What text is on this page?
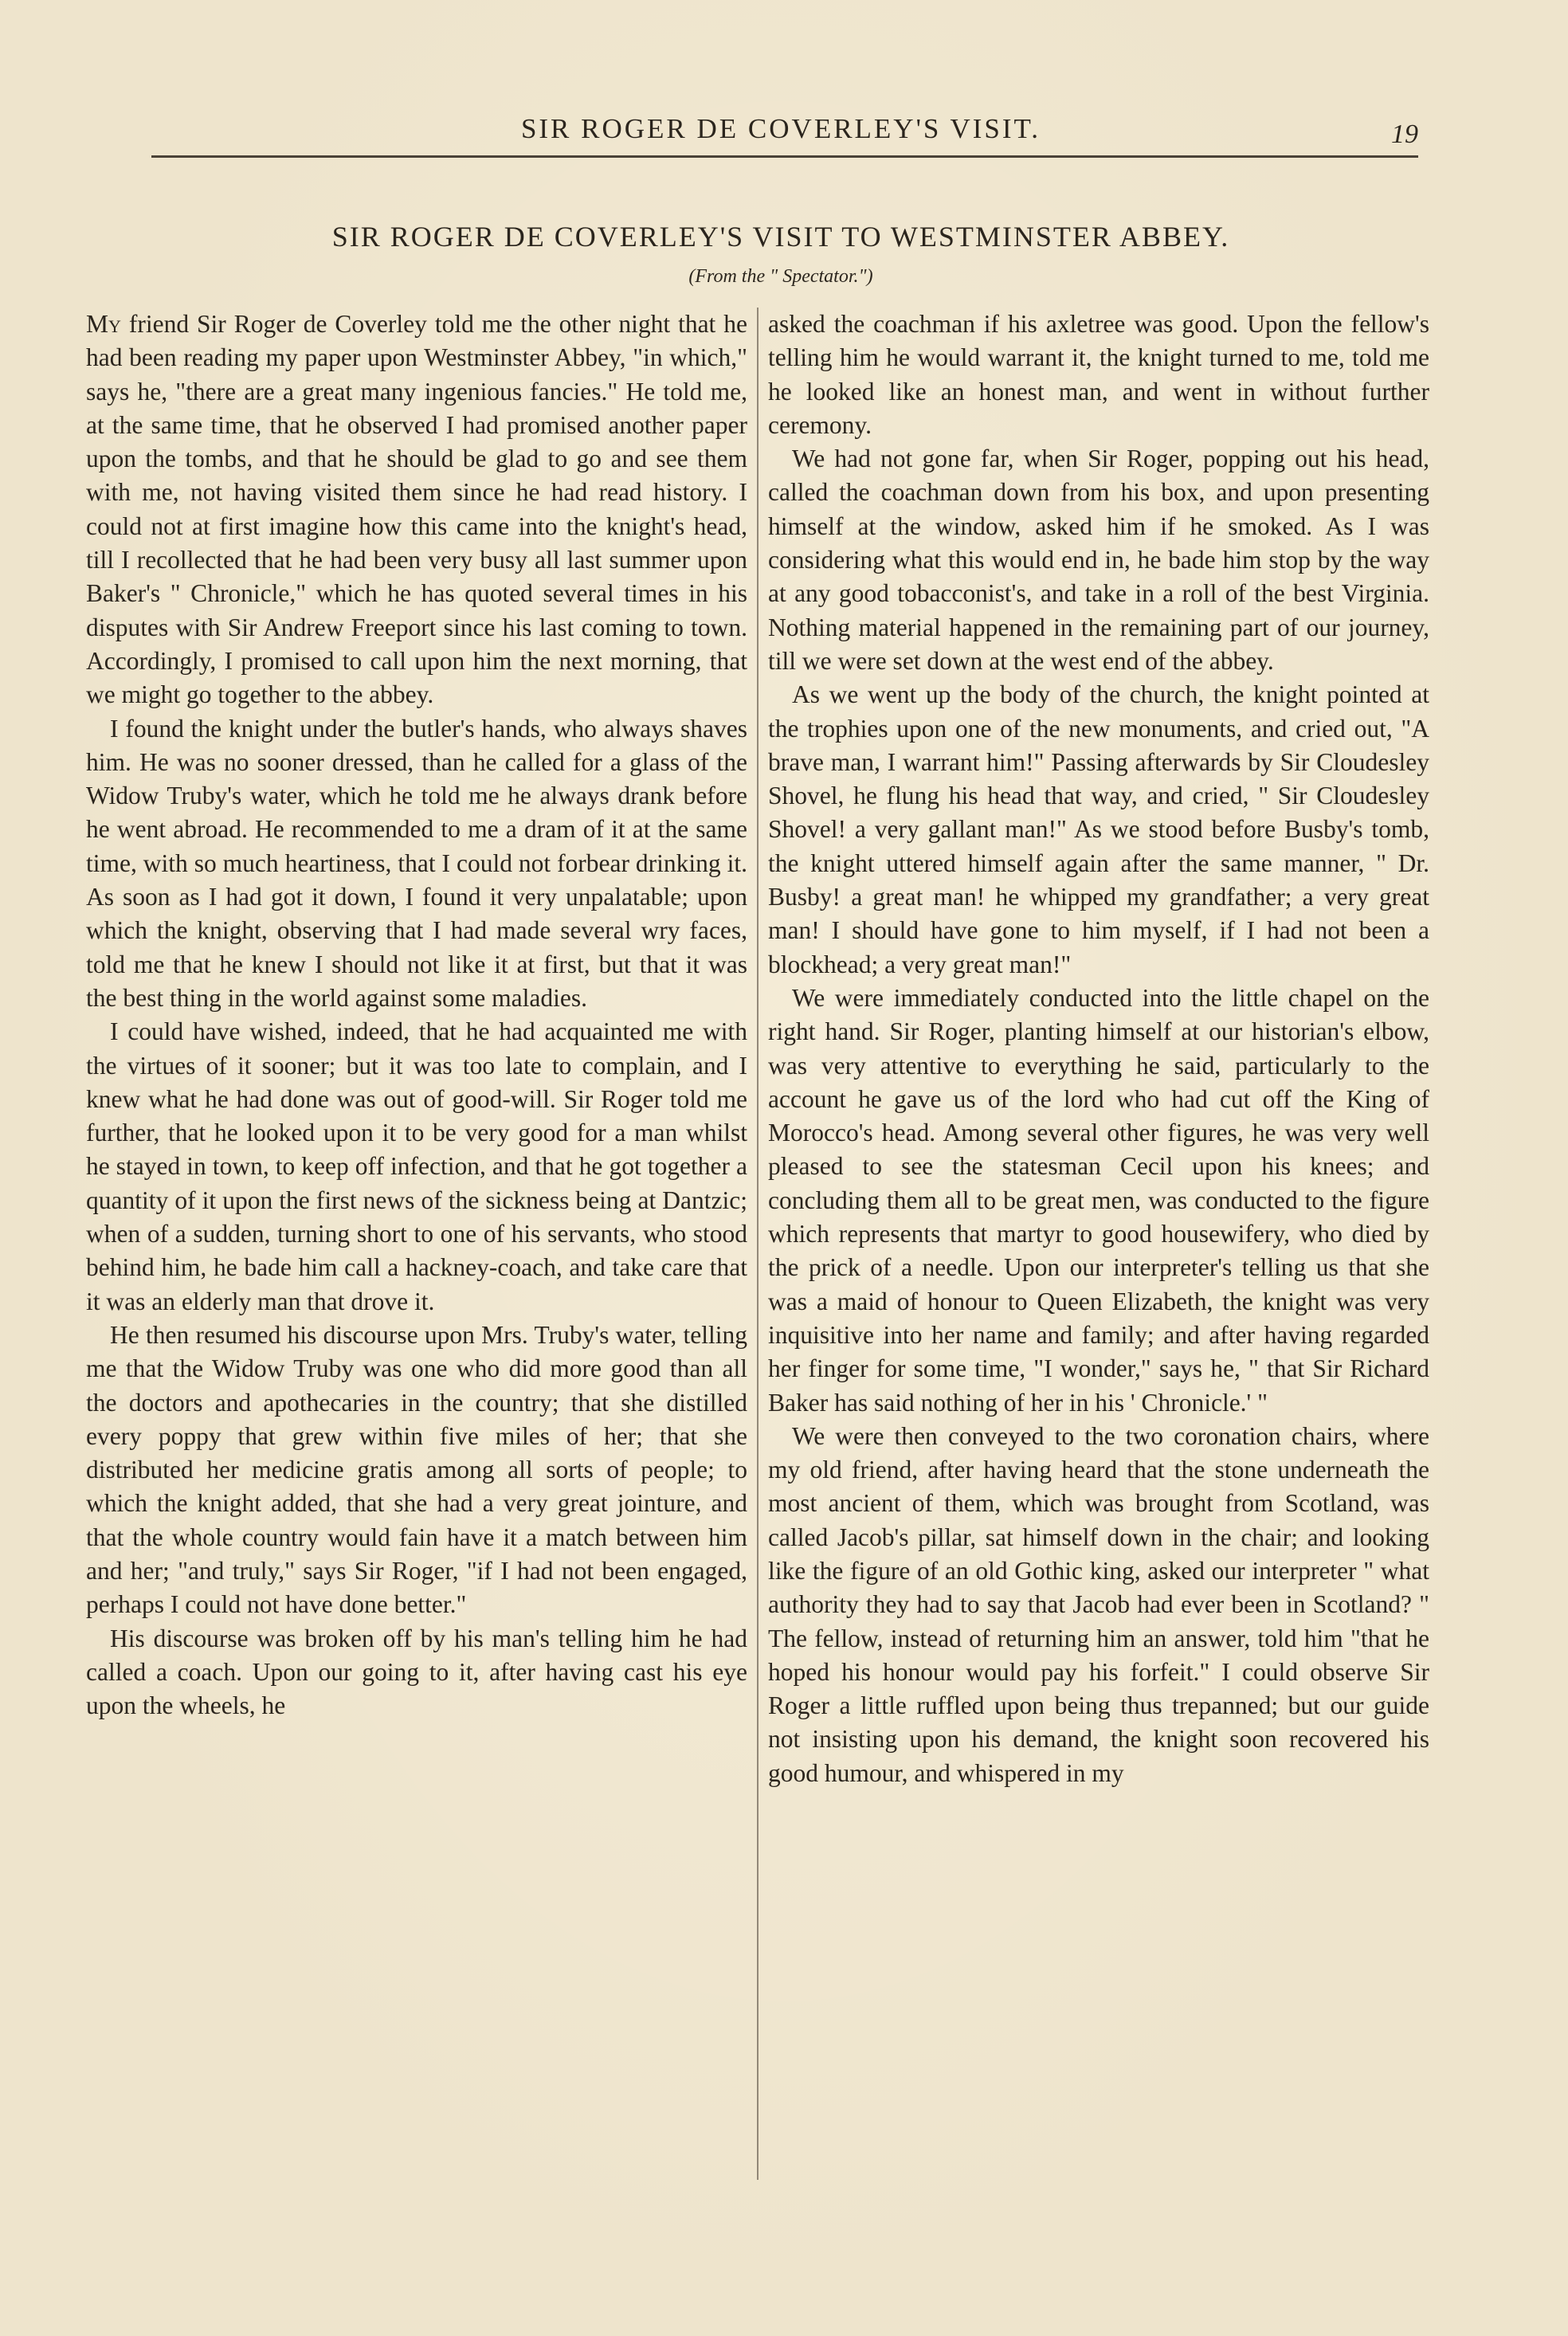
SIR ROGER DE COVERLEY'S VISIT.	19
SIR ROGER DE COVERLEY'S VISIT TO WESTMINSTER ABBEY.
(From the " Spectator.")

My friend Sir Roger de Coverley told me the other night that he had been reading my paper upon Westminster Abbey, "in which," says he, "there are a great many ingenious fancies." He told me, at the same time, that he observed I had promised another paper upon the tombs, and that he should be glad to go and see them with me, not having visited them since he had read history. I could not at first imagine how this came into the knight's head, till I recollected that he had been very busy all last summer upon Baker's " Chronicle," which he has quoted several times in his disputes with Sir Andrew Freeport since his last coming to town. Accordingly, I promised to call upon him the next morning, that we might go together to the abbey.

I found the knight under the butler's hands, who always shaves him. He was no sooner dressed, than he called for a glass of the Widow Truby's water, which he told me he always drank before he went abroad. He recommended to me a dram of it at the same time, with so much heartiness, that I could not forbear drinking it. As soon as I had got it down, I found it very unpalatable; upon which the knight, observing that I had made several wry faces, told me that he knew I should not like it at first, but that it was the best thing in the world against some maladies.

I could have wished, indeed, that he had acquainted me with the virtues of it sooner; but it was too late to complain, and I knew what he had done was out of good-will. Sir Roger told me further, that he looked upon it to be very good for a man whilst he stayed in town, to keep off infection, and that he got together a quantity of it upon the first news of the sickness being at Dantzic; when of a sudden, turning short to one of his servants, who stood behind him, he bade him call a hackney-coach, and take care that it was an elderly man that drove it.

He then resumed his discourse upon Mrs. Truby's water, telling me that the Widow Truby was one who did more good than all the doctors and apothecaries in the country; that she distilled every poppy that grew within five miles of her; that she distributed her medicine gratis among all sorts of people; to which the knight added, that she had a very great jointure, and that the whole country would fain have it a match between him and her; "and truly," says Sir Roger, "if I had not been engaged, perhaps I could not have done better."

His discourse was broken off by his man's telling him he had called a coach. Upon our going to it, after having cast his eye upon the wheels, he

asked the coachman if his axletree was good. Upon the fellow's telling him he would warrant it, the knight turned to me, told me he looked like an honest man, and went in without further ceremony.

We had not gone far, when Sir Roger, popping out his head, called the coachman down from his box, and upon presenting himself at the window, asked him if he smoked. As I was considering what this would end in, he bade him stop by the way at any good tobacconist's, and take in a roll of the best Virginia. Nothing material happened in the remaining part of our journey, till we were set down at the west end of the abbey.

As we went up the body of the church, the knight pointed at the trophies upon one of the new monuments, and cried out, "A brave man, I warrant him!" Passing afterwards by Sir Cloudesley Shovel, he flung his head that way, and cried, " Sir Cloudesley Shovel! a very gallant man!" As we stood before Busby's tomb, the knight uttered himself again after the same manner, " Dr. Busby! a great man! he whipped my grandfather; a very great man! I should have gone to him myself, if I had not been a blockhead; a very great man!"

We were immediately conducted into the little chapel on the right hand. Sir Roger, planting himself at our historian's elbow, was very attentive to everything he said, particularly to the account he gave us of the lord who had cut off the King of Morocco's head. Among several other figures, he was very well pleased to see the statesman Cecil upon his knees; and concluding them all to be great men, was conducted to the figure which represents that martyr to good housewifery, who died by the prick of a needle. Upon our interpreter's telling us that she was a maid of honour to Queen Elizabeth, the knight was very inquisitive into her name and family; and after having regarded her finger for some time, "I wonder," says he, " that Sir Richard Baker has said nothing of her in his ' Chronicle.' "

We were then conveyed to the two coronation chairs, where my old friend, after having heard that the stone underneath the most ancient of them, which was brought from Scotland, was called Jacob's pillar, sat himself down in the chair; and looking like the figure of an old Gothic king, asked our interpreter " what authority they had to say that Jacob had ever been in Scotland? " The fellow, instead of returning him an answer, told him "that he hoped his honour would pay his forfeit." I could observe Sir Roger a little ruffled upon being thus trepanned; but our guide not insisting upon his demand, the knight soon recovered his good humour, and whispered in my
